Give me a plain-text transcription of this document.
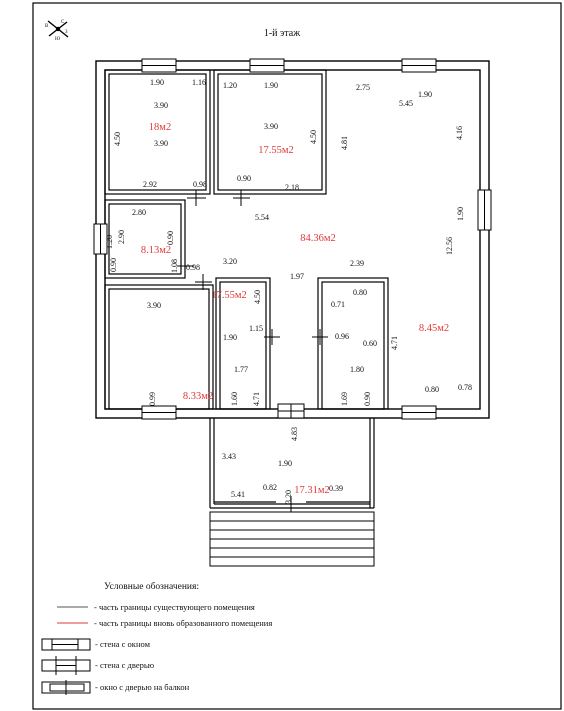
С
Ю
З
В
1-й этаж
1.90	1.16
3.90
18м2
4.50	3.90
2.92	0.98
1.20	1.90
3.90
17.55м2
4.50
0.90
2.18
2.75
1.90
5.45
4.81
4.16
5.54
2.80
1.20 2.90
8.13м2
0.90
0.90	1.08 0.98
84.36м2
1.90
12.56
3.20
1.97
2.39
3.90
17.55м2 4.50
1.90
1.15
1.77
1.60 4.71
0.99 8.33м2
0.80
0.71
0.96
0.60
1.80
1.69 0.90
4.71
8.45м2
0.80 0.78
4.83
3.43
1.90
0.82
5.41	3.20 17.31м2 0.39
Условные обозначения:
- часть границы существующего помещения
- часть границы вновь образованного помещения
- стена с окном
- стена с дверью
- окно с дверью на балкон
